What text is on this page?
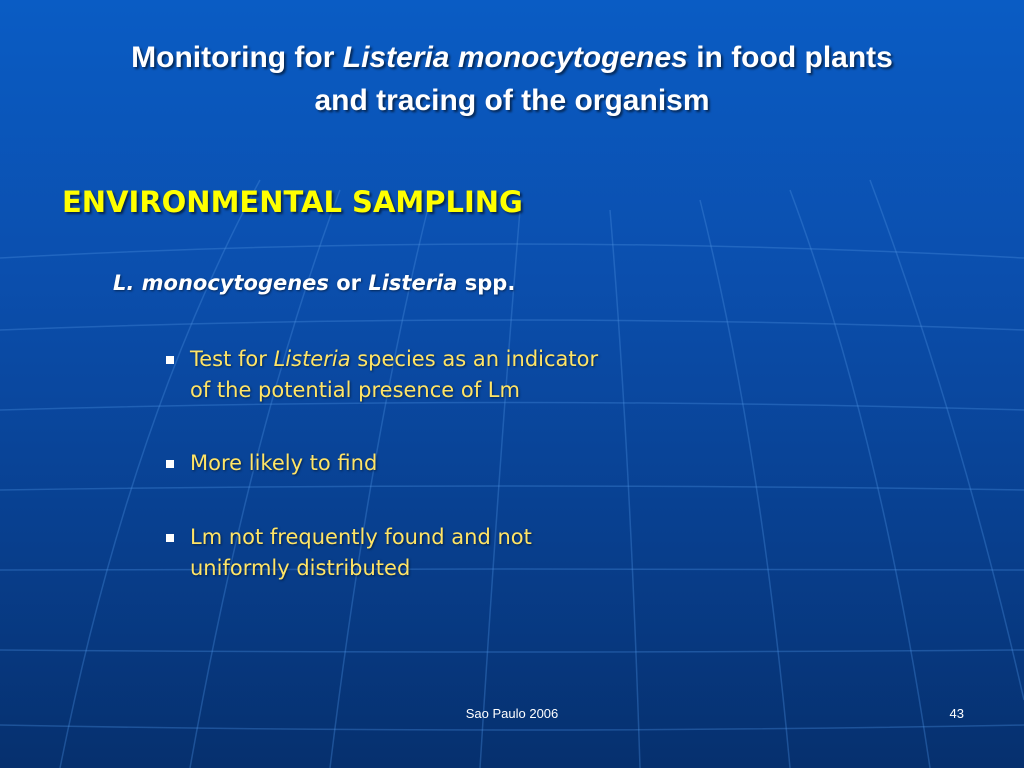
Monitoring for Listeria monocytogenes in food plants
and tracing of the organism
ENVIRONMENTAL SAMPLING
L. monocytogenes or Listeria spp.
Test for Listeria species as an indicator of the potential presence of Lm
More likely to find
Lm not frequently found and not uniformly distributed
Sao Paulo 2006	43
